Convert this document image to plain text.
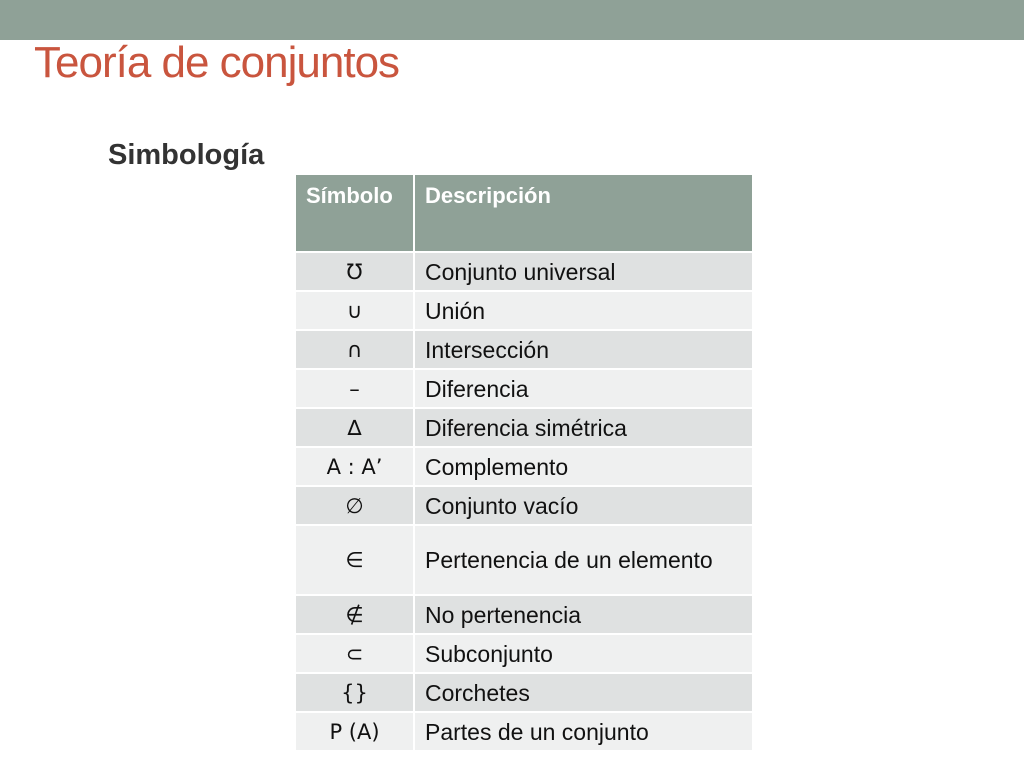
Teoría de conjuntos
Simbología
Símbolo	Descripción
Ʊ	Conjunto universal
∪	Unión
∩	Intersección
–	Diferencia
∆	Diferencia simétrica
A : A’	Complemento
∅	Conjunto vacío
∈	Pertenencia de un elemento
∉	No pertenencia
⊂	Subconjunto
{}	Corchetes
P (A)	Partes de un conjunto
